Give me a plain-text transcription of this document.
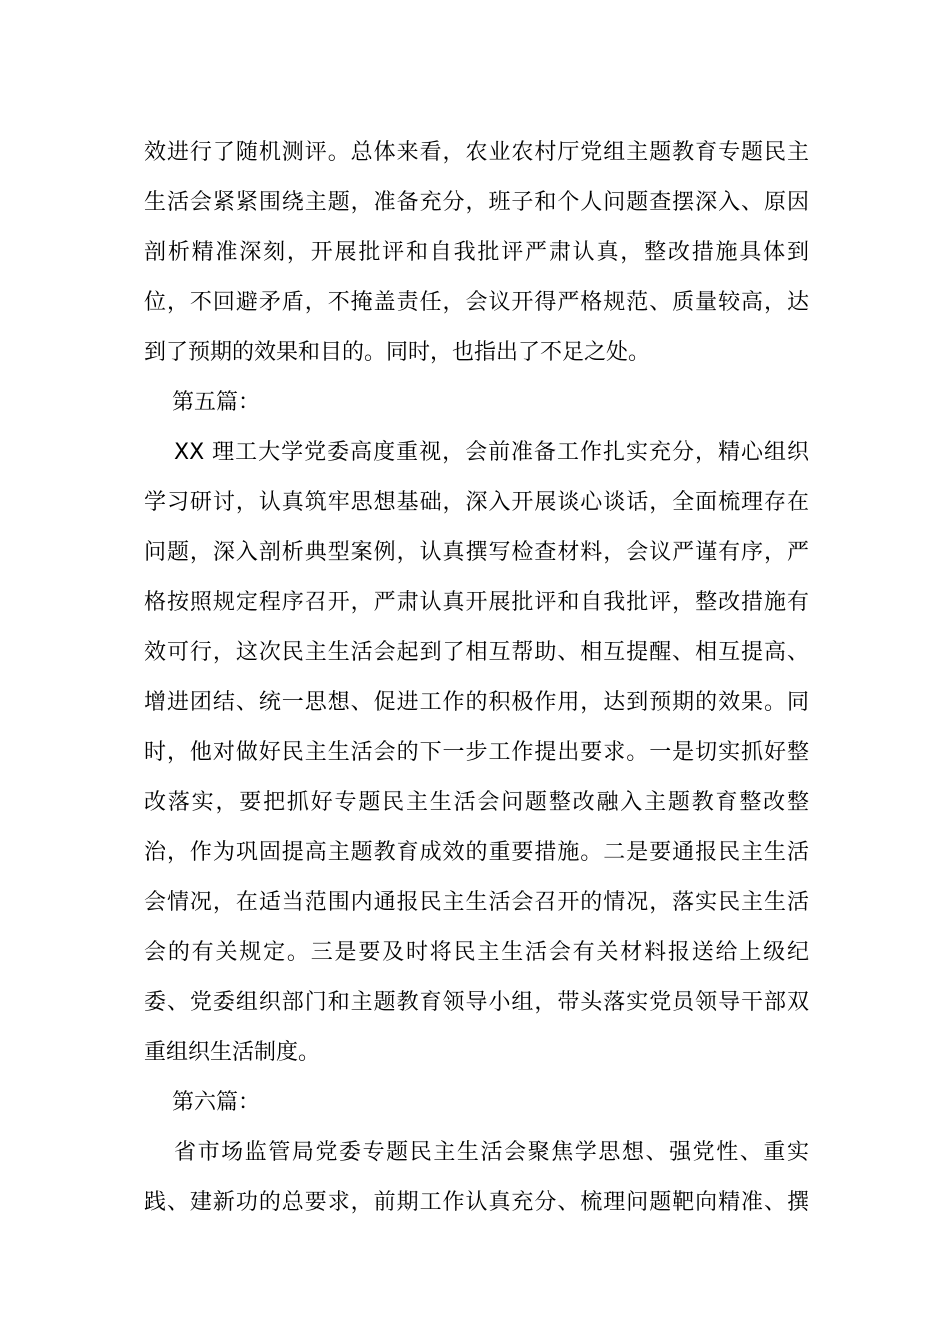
效进行了随机测评。总体来看，农业农村厅党组主题教育专题民主
生活会紧紧围绕主题，准备充分，班子和个人问题查摆深入、原因
剖析精准深刻，开展批评和自我批评严肃认真，整改措施具体到
位，不回避矛盾，不掩盖责任，会议开得严格规范、质量较高，达
到了预期的效果和目的。同时，也指出了不足之处。
第五篇：
XX 理工大学党委高度重视，会前准备工作扎实充分，精心组织
学习研讨，认真筑牢思想基础，深入开展谈心谈话，全面梳理存在
问题，深入剖析典型案例，认真撰写检查材料，会议严谨有序，严
格按照规定程序召开，严肃认真开展批评和自我批评，整改措施有
效可行，这次民主生活会起到了相互帮助、相互提醒、相互提高、
增进团结、统一思想、促进工作的积极作用，达到预期的效果。同
时，他对做好民主生活会的下一步工作提出要求。一是切实抓好整
改落实，要把抓好专题民主生活会问题整改融入主题教育整改整
治，作为巩固提高主题教育成效的重要措施。二是要通报民主生活
会情况，在适当范围内通报民主生活会召开的情况，落实民主生活
会的有关规定。三是要及时将民主生活会有关材料报送给上级纪
委、党委组织部门和主题教育领导小组，带头落实党员领导干部双
重组织生活制度。
第六篇：
省市场监管局党委专题民主生活会聚焦学思想、强党性、重实
践、建新功的总要求，前期工作认真充分、梳理问题靶向精准、撰
